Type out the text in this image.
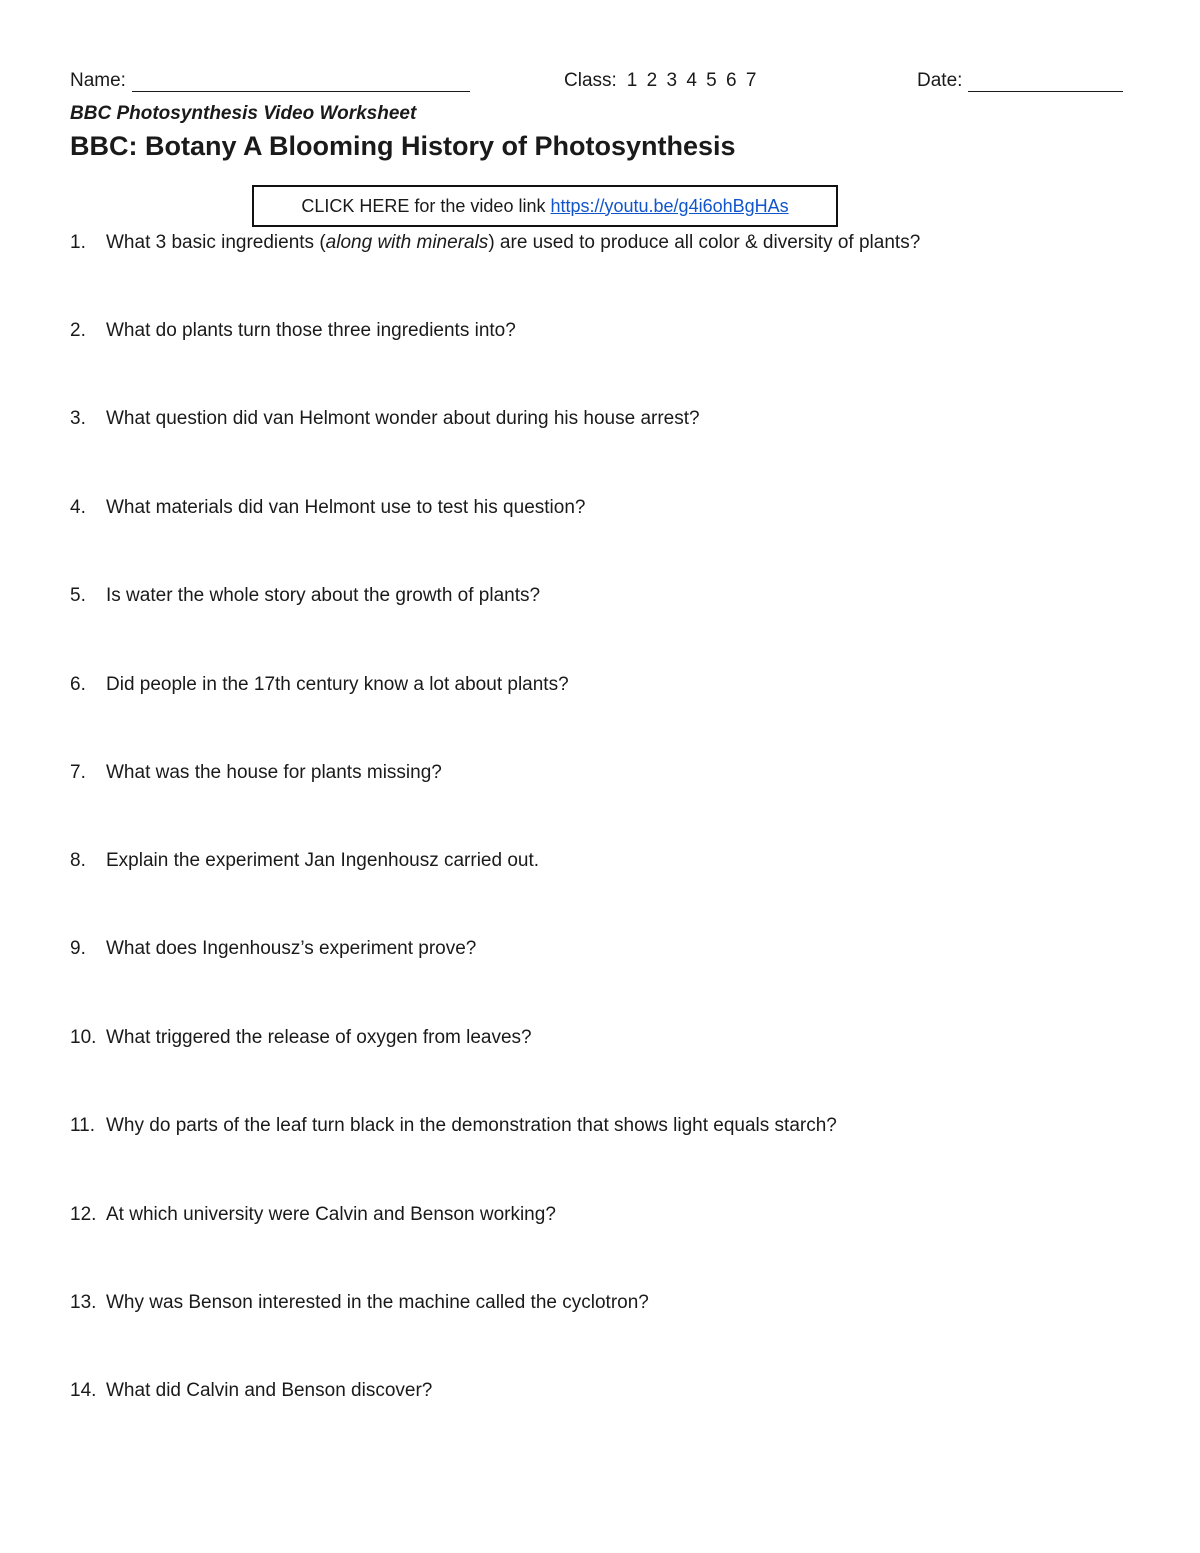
Name:	Class: 1 2 3 4 5 6 7	Date:
BBC Photosynthesis Video Worksheet
BBC: Botany A Blooming History of Photosynthesis
CLICK HERE for the video link https://youtu.be/g4i6ohBgHAs
1.	What 3 basic ingredients (along with minerals) are used to produce all color & diversity of plants?
2.	What do plants turn those three ingredients into?
3.	What question did van Helmont wonder about during his house arrest?
4.	What materials did van Helmont use to test his question?
5.	Is water the whole story about the growth of plants?
6.	Did people in the 17th century know a lot about plants?
7.	What was the house for plants missing?
8.	Explain the experiment Jan Ingenhousz carried out.
9.	What does Ingenhousz’s experiment prove?
10. What triggered the release of oxygen from leaves?
11. Why do parts of the leaf turn black in the demonstration that shows light equals starch?
12. At which university were Calvin and Benson working?
13. Why was Benson interested in the machine called the cyclotron?
14. What did Calvin and Benson discover?
